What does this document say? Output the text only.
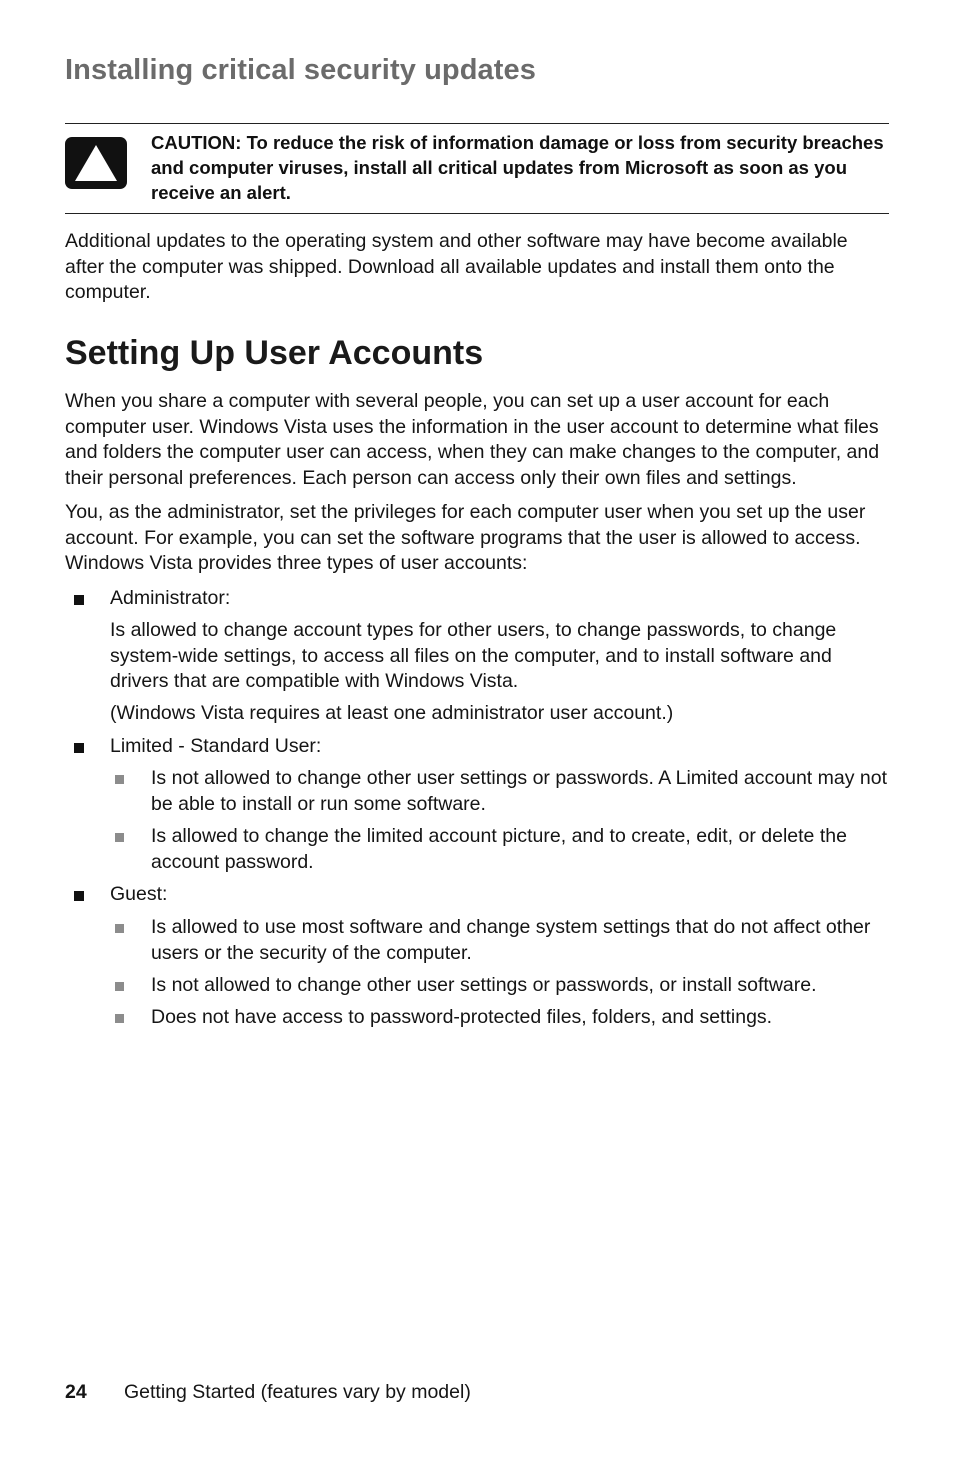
Installing critical security updates

CAUTION: To reduce the risk of information damage or loss from security breaches and computer viruses, install all critical updates from Microsoft as soon as you receive an alert.

Additional updates to the operating system and other software may have become available after the computer was shipped. Download all available updates and install them onto the computer.

Setting Up User Accounts

When you share a computer with several people, you can set up a user account for each computer user. Windows Vista uses the information in the user account to determine what files and folders the computer user can access, when they can make changes to the computer, and their personal preferences. Each person can access only their own files and settings.

You, as the administrator, set the privileges for each computer user when you set up the user account. For example, you can set the software programs that the user is allowed to access. Windows Vista provides three types of user accounts:

Administrator:

Is allowed to change account types for other users, to change passwords, to change system-wide settings, to access all files on the computer, and to install software and drivers that are compatible with Windows Vista.

(Windows Vista requires at least one administrator user account.)

Limited - Standard User:

Is not allowed to change other user settings or passwords. A Limited account may not be able to install or run some software.

Is allowed to change the limited account picture, and to create, edit, or delete the account password.

Guest:

Is allowed to use most software and change system settings that do not affect other users or the security of the computer.

Is not allowed to change other user settings or passwords, or install software.

Does not have access to password-protected files, folders, and settings.

24 Getting Started (features vary by model)
